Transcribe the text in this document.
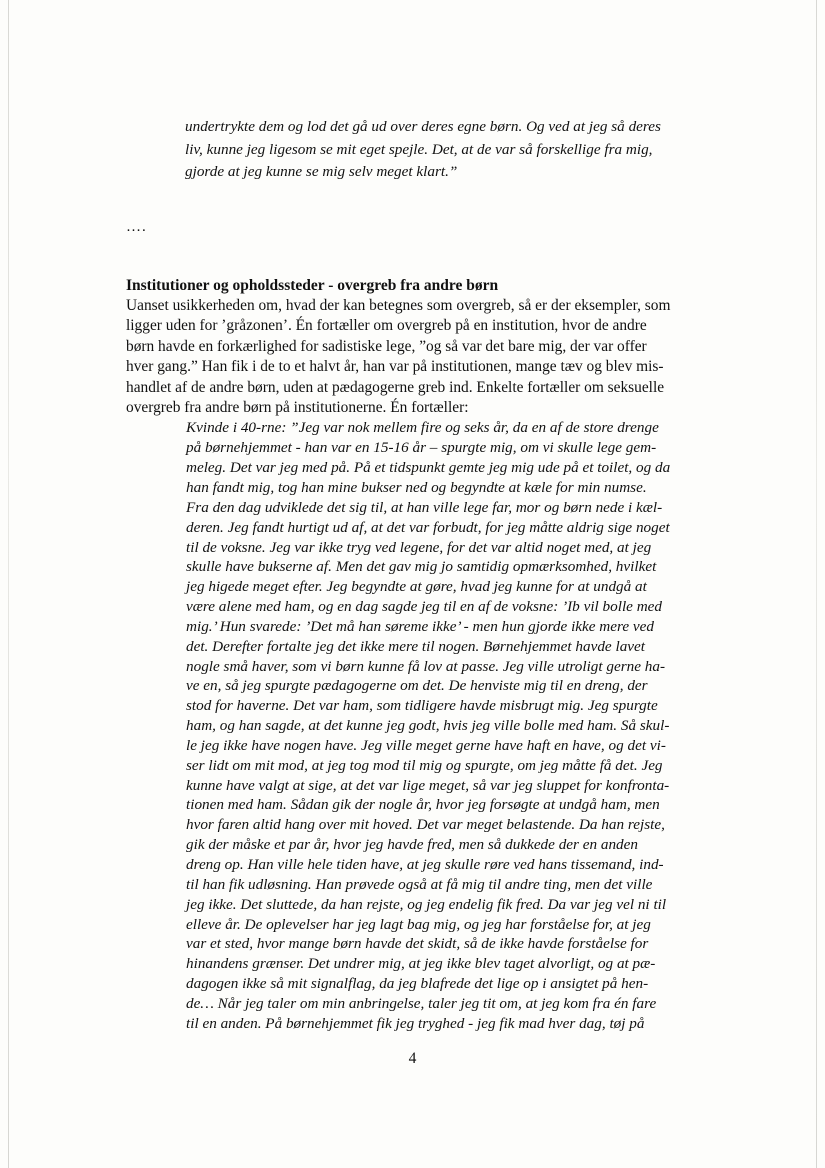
undertrykte dem og lod det gå ud over deres egne børn. Og ved at jeg så deres
liv, kunne jeg ligesom se mit eget spejle. Det, at de var så forskellige fra mig,
gjorde at jeg kunne se mig selv meget klart.”

….

Institutioner og opholdssteder - overgreb fra andre børn

Uanset usikkerheden om, hvad der kan betegnes som overgreb, så er der eksempler, som
ligger uden for ’gråzonen’. Én fortæller om overgreb på en institution, hvor de andre
børn havde en forkærlighed for sadistiske lege, ”og så var det bare mig, der var offer
hver gang.” Han fik i de to et halvt år, han var på institutionen, mange tæv og blev mis-
handlet af de andre børn, uden at pædagogerne greb ind. Enkelte fortæller om seksuelle
overgreb fra andre børn på institutionerne. Én fortæller:

Kvinde i 40-rne: ”Jeg var nok mellem fire og seks år, da en af de store drenge
på børnehjemmet - han var en 15-16 år – spurgte mig, om vi skulle lege gem-
meleg. Det var jeg med på. På et tidspunkt gemte jeg mig ude på et toilet, og da
han fandt mig, tog han mine bukser ned og begyndte at kæle for min numse.
Fra den dag udviklede det sig til, at han ville lege far, mor og børn nede i kæl-
deren. Jeg fandt hurtigt ud af, at det var forbudt, for jeg måtte aldrig sige noget
til de voksne. Jeg var ikke tryg ved legene, for det var altid noget med, at jeg
skulle have bukserne af. Men det gav mig jo samtidig opmærksomhed, hvilket
jeg higede meget efter. Jeg begyndte at gøre, hvad jeg kunne for at undgå at
være alene med ham, og en dag sagde jeg til en af de voksne: ’Ib vil bolle med
mig.’ Hun svarede: ’Det må han søreme ikke’ - men hun gjorde ikke mere ved
det. Derefter fortalte jeg det ikke mere til nogen. Børnehjemmet havde lavet
nogle små haver, som vi børn kunne få lov at passe. Jeg ville utroligt gerne ha-
ve en, så jeg spurgte pædagogerne om det. De henviste mig til en dreng, der
stod for haverne. Det var ham, som tidligere havde misbrugt mig. Jeg spurgte
ham, og han sagde, at det kunne jeg godt, hvis jeg ville bolle med ham. Så skul-
le jeg ikke have nogen have. Jeg ville meget gerne have haft en have, og det vi-
ser lidt om mit mod, at jeg tog mod til mig og spurgte, om jeg måtte få det. Jeg
kunne have valgt at sige, at det var lige meget, så var jeg sluppet for konfronta-
tionen med ham. Sådan gik der nogle år, hvor jeg forsøgte at undgå ham, men
hvor faren altid hang over mit hoved. Det var meget belastende. Da han rejste,
gik der måske et par år, hvor jeg havde fred, men så dukkede der en anden
dreng op. Han ville hele tiden have, at jeg skulle røre ved hans tissemand, ind-
til han fik udløsning. Han prøvede også at få mig til andre ting, men det ville
jeg ikke. Det sluttede, da han rejste, og jeg endelig fik fred. Da var jeg vel ni til
elleve år. De oplevelser har jeg lagt bag mig, og jeg har forståelse for, at jeg
var et sted, hvor mange børn havde det skidt, så de ikke havde forståelse for
hinandens grænser. Det undrer mig, at jeg ikke blev taget alvorligt, og at pæ-
dagogen ikke så mit signalflag, da jeg blafrede det lige op i ansigtet på hen-
de… Når jeg taler om min anbringelse, taler jeg tit om, at jeg kom fra én fare
til en anden. På børnehjemmet fik jeg tryghed - jeg fik mad hver dag, tøj på

4
